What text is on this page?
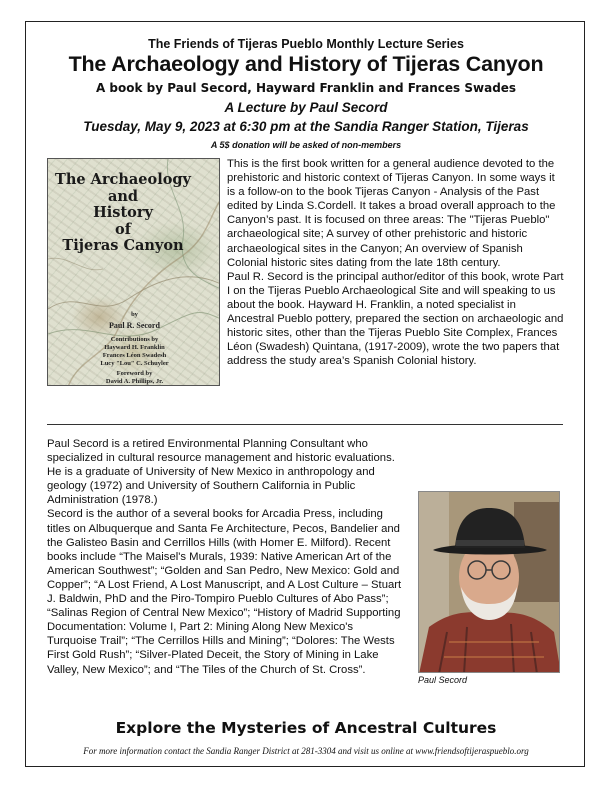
The Friends of Tijeras Pueblo Monthly Lecture Series
The Archaeology and History of Tijeras Canyon
A book by Paul Secord, Hayward Franklin and Frances Swades
A Lecture by Paul Secord
Tuesday, May 9, 2023 at 6:30 pm at the Sandia Ranger Station, Tijeras
A 5$ donation will be asked of non-members

This is the first book written for a general audience devoted to the prehistoric and historic context of Tijeras Canyon. In some ways it is a follow-on to the book Tijeras Canyon - Analysis of the Past edited by Linda S.Cordell. It takes a broad overall approach to the Canyon’s past. It is focused on three areas: The "Tijeras Pueblo" archaeological site; A survey of other prehistoric and historic archaeological sites in the Canyon; An overview of Spanish Colonial historic sites dating from the late 18th century.

Paul R. Secord is the principal author/editor of this book, wrote Part I on the Tijeras Pueblo Archaeological Site and will speaking to us about the book. Hayward H. Franklin, a noted specialist in Ancestral Pueblo pottery, prepared the section on archaeologic and historic sites, other than the Tijeras Pueblo Site Complex, Frances Léon (Swadesh) Quintana, (1917-2009), wrote the two papers that address the study area’s Spanish Colonial history.

The Archaeology
and
History
of
Tijeras Canyon
by
Paul R. Secord
Contributions by
Hayward H. Franklin
Frances Léon Swadesh
Lucy "Lou" C. Schuyler
Foreword by
David A. Phillips, Jr.

Paul Secord is a retired Environmental Planning Consultant who specialized in cultural resource management and historic evaluations. He is a graduate of University of New Mexico in anthropology and geology (1972) and University of Southern California in Public Administration (1978.)

Secord is the author of a several books for Arcadia Press, including titles on Albuquerque and Santa Fe Architecture, Pecos, Bandelier and the Galisteo Basin and Cerrillos Hills (with Homer E. Milford). Recent books include “The Maisel's Murals, 1939: Native American Art of the American Southwest”; “Golden and San Pedro, New Mexico: Gold and Copper”; “A Lost Friend, A Lost Manuscript, and A Lost Culture – Stuart J. Baldwin, PhD and the Piro-Tompiro Pueblo Cultures of Abo Pass”; “Salinas Region of Central New Mexico”; “History of Madrid Supporting Documentation: Volume I, Part 2: Mining Along New Mexico's Turquoise Trail”; “The Cerrillos Hills and Mining”; “Dolores: The Wests First Gold Rush”; “Silver-Plated Deceit, the Story of Mining in Lake Valley, New Mexico”; and “The Tiles of the Church of St. Cross”.

Paul Secord
Explore the Mysteries of Ancestral Cultures
For more information contact the Sandia Ranger District at 281-3304 and visit us online at www.friendsoftijeraspueblo.org
